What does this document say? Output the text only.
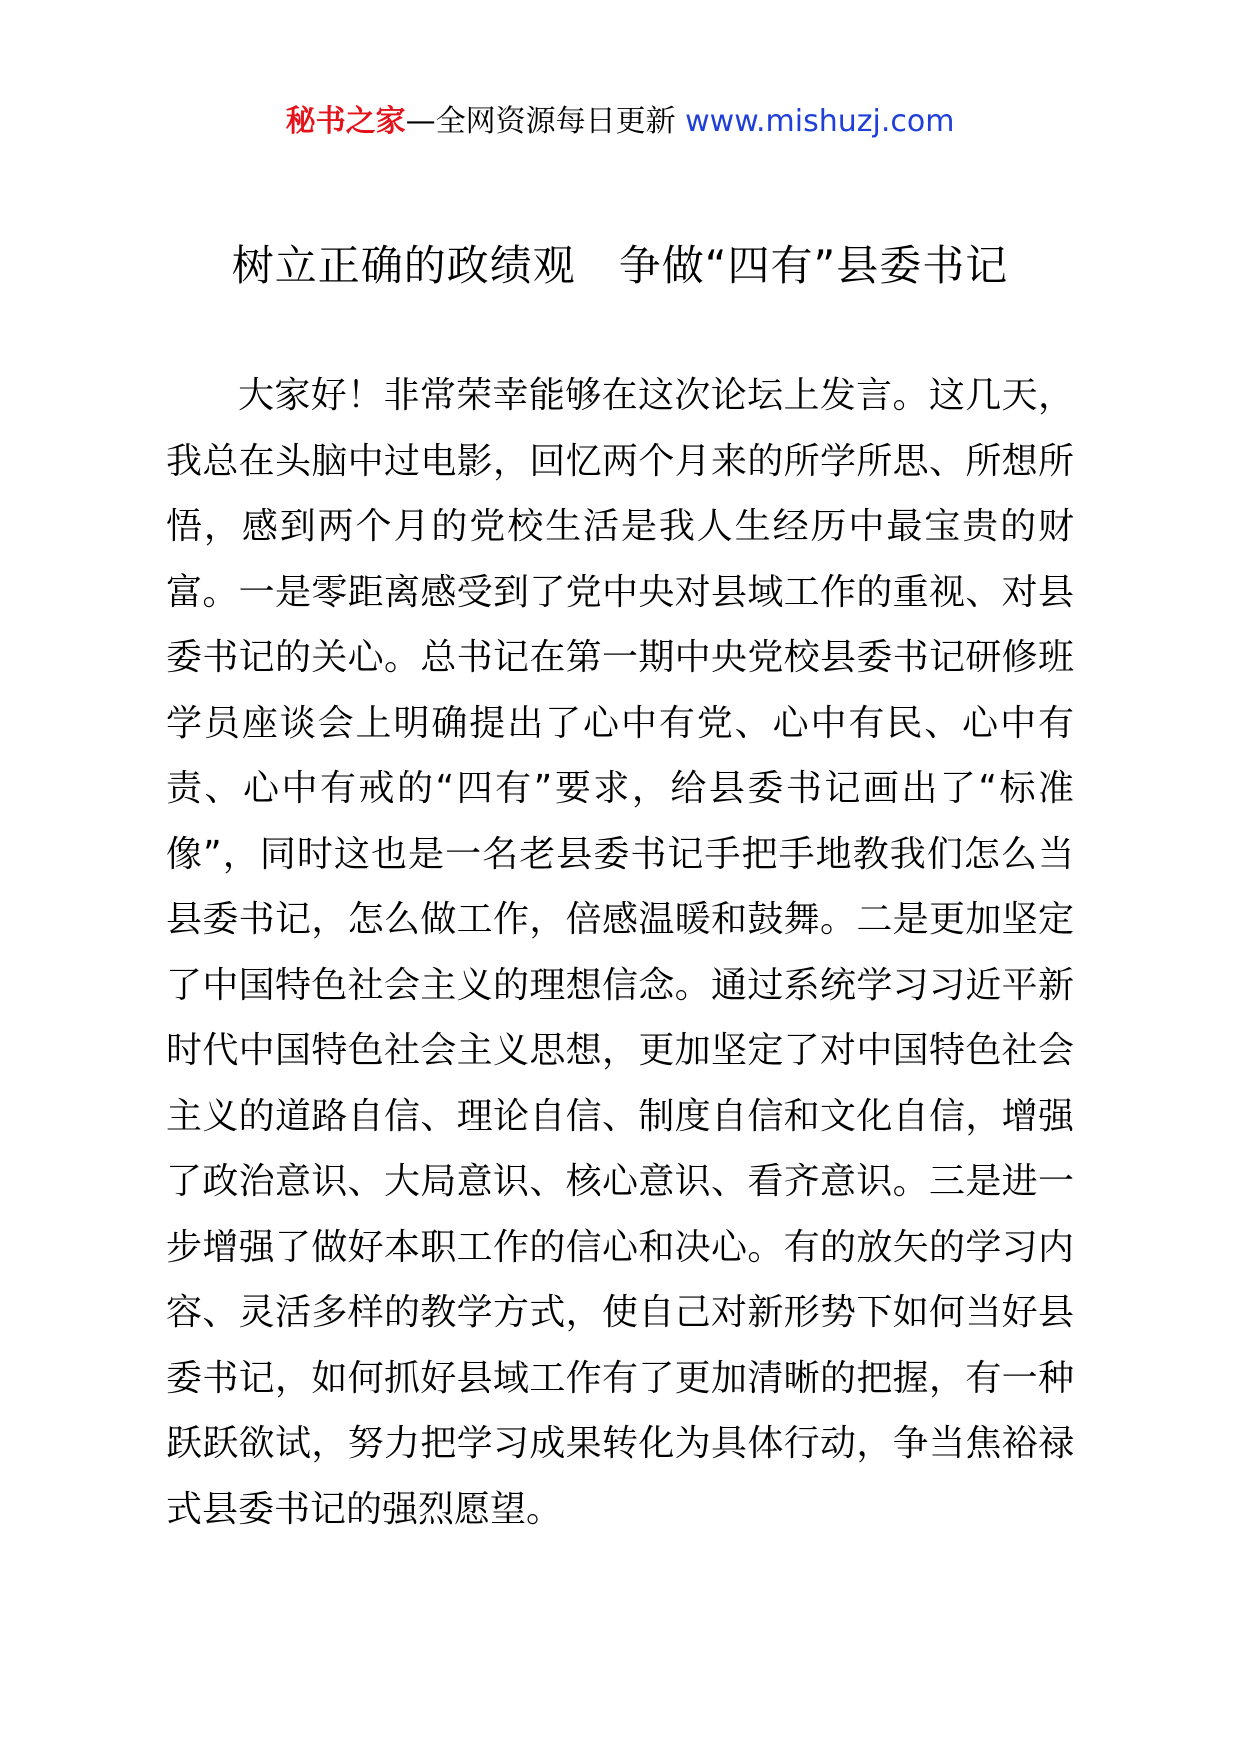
秘书之家—全网资源每日更新 www.mishuzj.com
树立正确的政绩观　争做“四有”县委书记

大家好！非常荣幸能够在这次论坛上发言。这几天，我总在头脑中过电影，回忆两个月来的所学所思、所想所悟，感到两个月的党校生活是我人生经历中最宝贵的财富。一是零距离感受到了党中央对县域工作的重视、对县委书记的关心。总书记在第一期中央党校县委书记研修班学员座谈会上明确提出了心中有党、心中有民、心中有责、心中有戒的“四有”要求，给县委书记画出了“标准像”，同时这也是一名老县委书记手把手地教我们怎么当县委书记，怎么做工作，倍感温暖和鼓舞。二是更加坚定了中国特色社会主义的理想信念。通过系统学习习近平新时代中国特色社会主义思想，更加坚定了对中国特色社会主义的道路自信、理论自信、制度自信和文化自信，增强了政治意识、大局意识、核心意识、看齐意识。三是进一步增强了做好本职工作的信心和决心。有的放矢的学习内容、灵活多样的教学方式，使自己对新形势下如何当好县委书记，如何抓好县域工作有了更加清晰的把握，有一种跃跃欲试，努力把学习成果转化为具体行动，争当焦裕禄式县委书记的强烈愿望。
